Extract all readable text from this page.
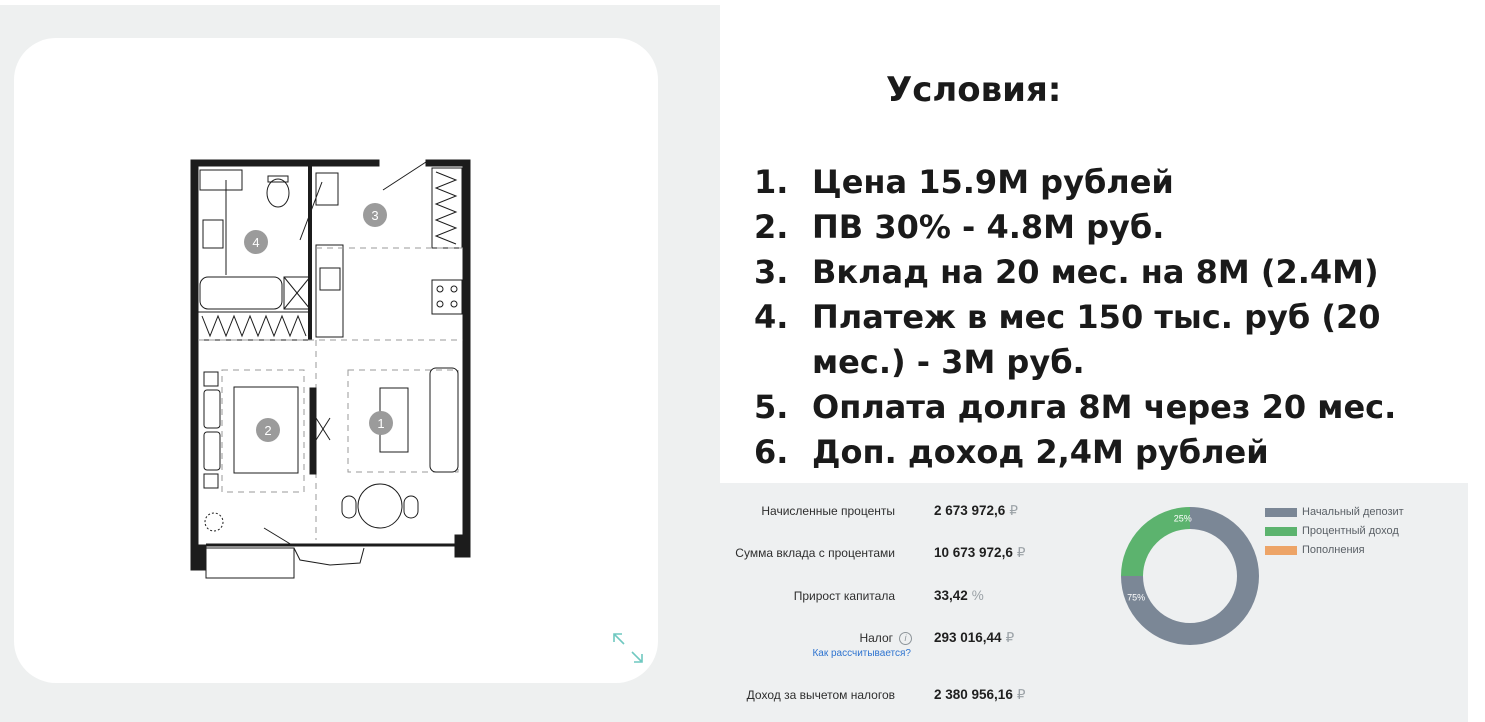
1
2
3
4
Условия:
1. Цена 15.9М рублей
2. ПВ 30% - 4.8М руб.
3. Вклад на 20 мес. на 8М (2.4М)
4. Платеж в мес 150 тыс. руб (20 мес.) - 3М руб.
5. Оплата долга 8М через 20 мес.
6. Доп. доход 2,4М рублей
Начисленные проценты	2 673 972,6 ₽
Сумма вклада с процентами	10 673 972,6 ₽
Прирост капитала	33,42 %
Налог i	293 016,44 ₽
Как рассчитывается?
Доход за вычетом налогов	2 380 956,16 ₽
75%
25%
Начальный депозит
Процентный доход
Пополнения
